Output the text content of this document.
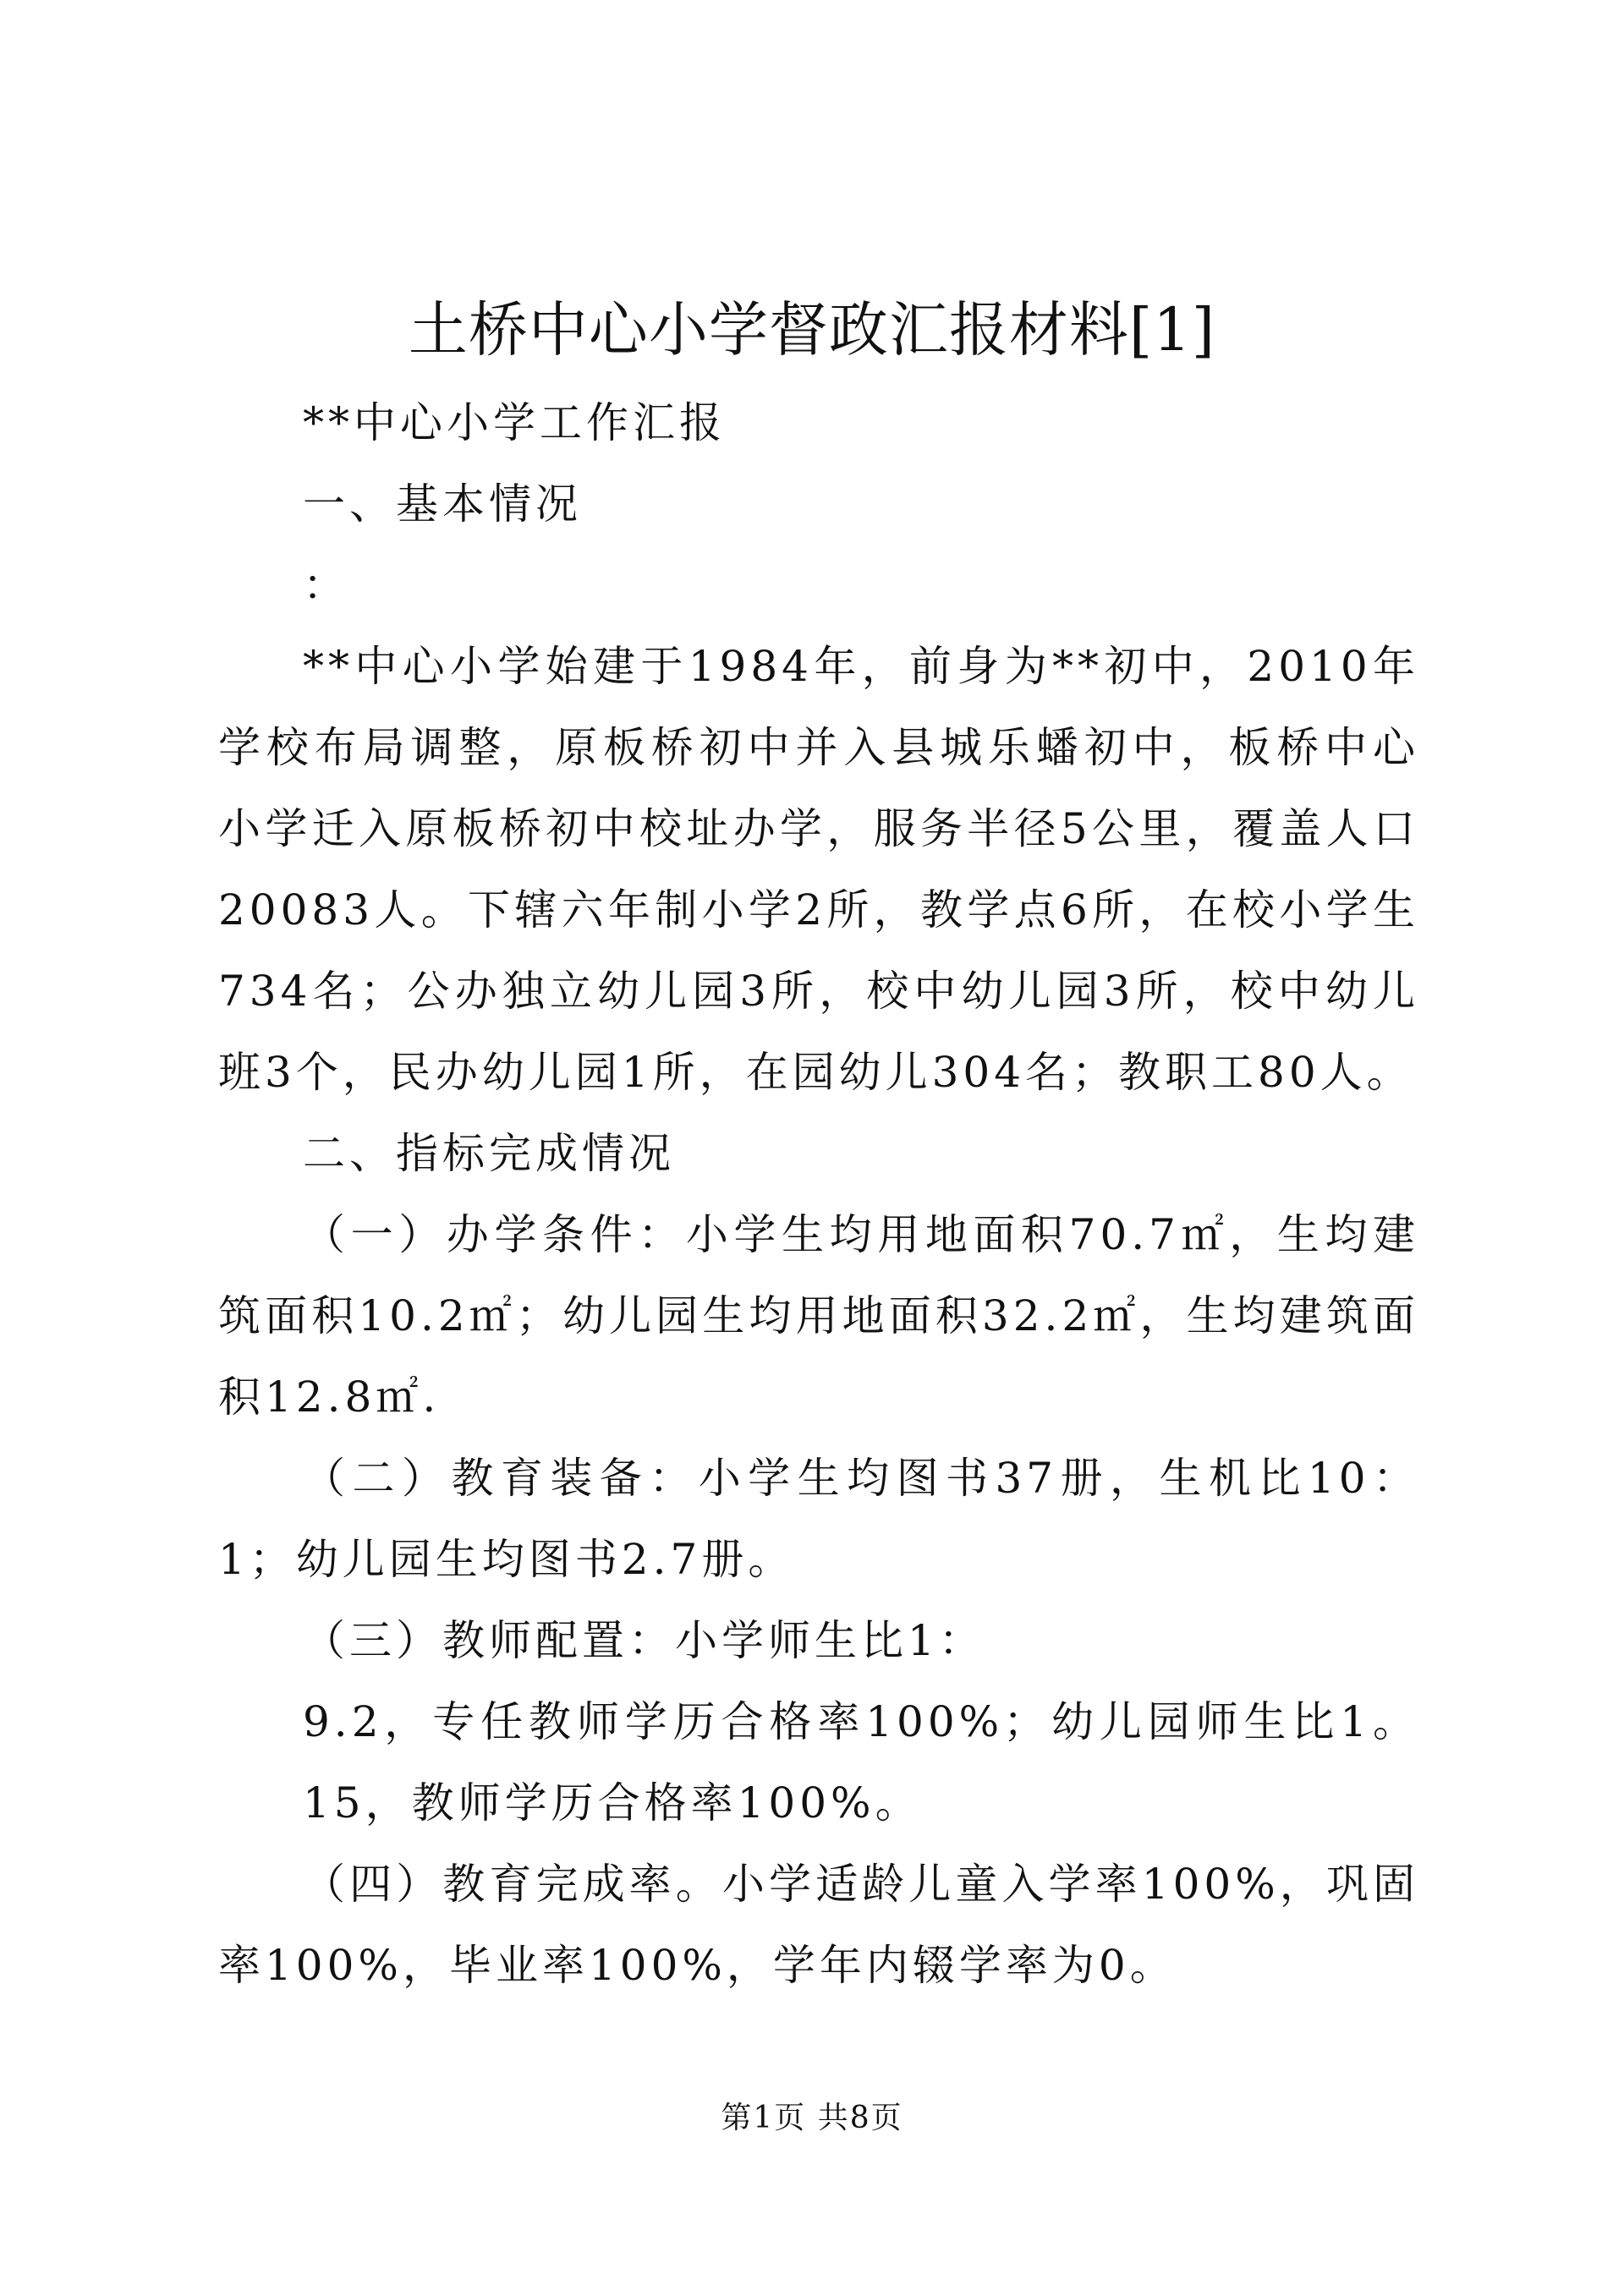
土桥中心小学督政汇报材料[1]

**中心小学工作汇报

一、基本情况

：

**中心小学始建于1984年，前身为**初中，2010年学校布局调整，原板桥初中并入县城乐蟠初中，板桥中心小学迁入原板桥初中校址办学，服务半径5公里，覆盖人口20083人。下辖六年制小学2所，教学点6所，在校小学生734名；公办独立幼儿园3所，校中幼儿园3所，校中幼儿班3个，民办幼儿园1所，在园幼儿304名；教职工80人。

二、指标完成情况

（一）办学条件：小学生均用地面积70.7㎡，生均建筑面积10.2㎡；幼儿园生均用地面积32.2㎡，生均建筑面积12.8㎡.

（二）教育装备：小学生均图书37册，生机比10：1；幼儿园生均图书2.7册。

（三）教师配置：小学师生比1：

9.2，专任教师学历合格率100%；幼儿园师生比1。15，教师学历合格率100%。

（四）教育完成率。小学适龄儿童入学率100%，巩固率100%，毕业率100%，学年内辍学率为0。

第1页 共8页
